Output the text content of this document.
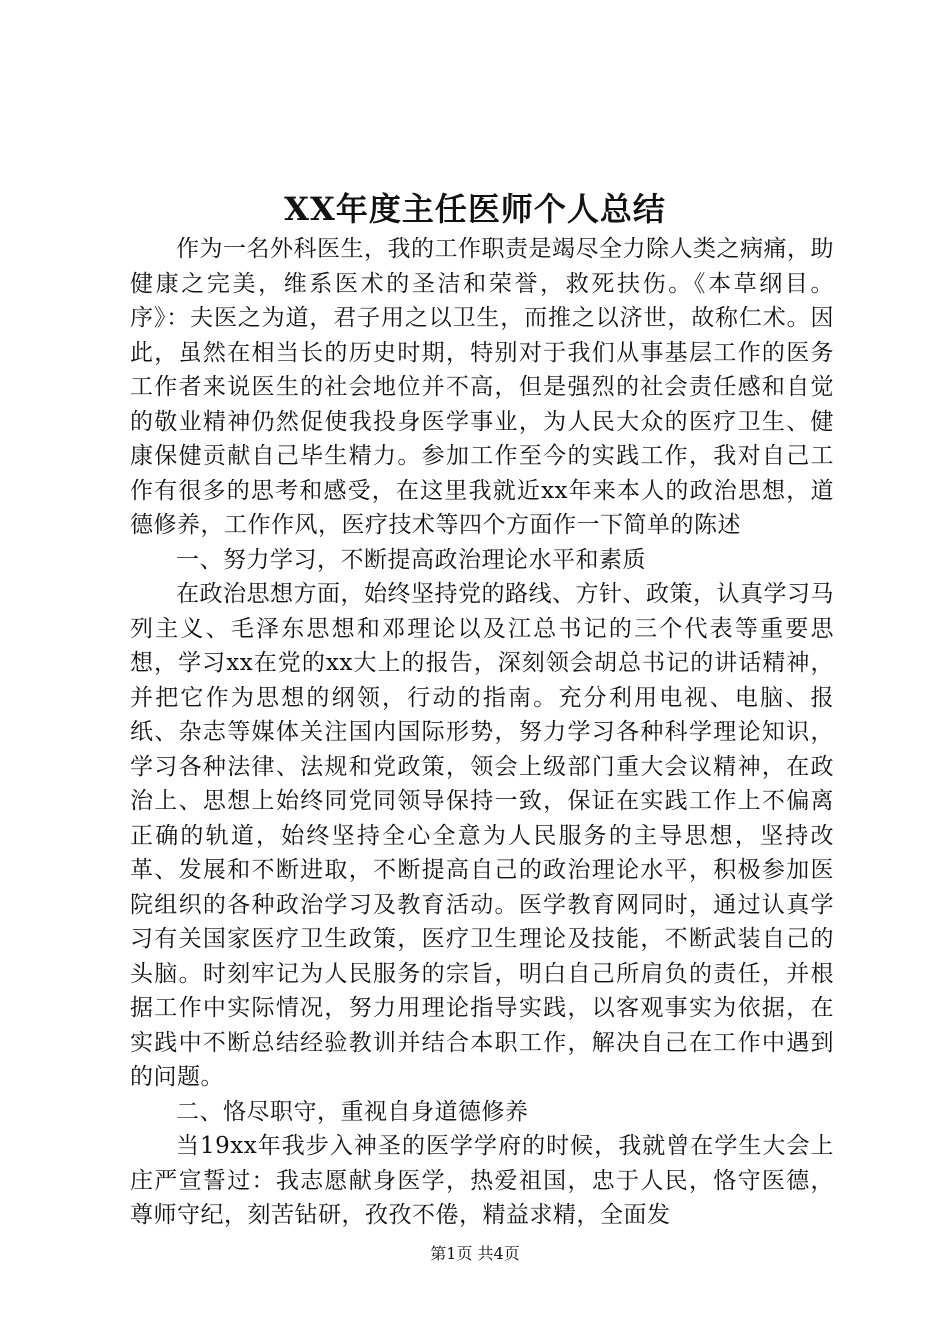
XX年度主任医师个人总结

作为一名外科医生，我的工作职责是竭尽全力除人类之病痛，助健康之完美，维系医术的圣洁和荣誉，救死扶伤。《本草纲目。序》：夫医之为道，君子用之以卫生，而推之以济世，故称仁术。因此，虽然在相当长的历史时期，特别对于我们从事基层工作的医务工作者来说医生的社会地位并不高，但是强烈的社会责任感和自觉的敬业精神仍然促使我投身医学事业，为人民大众的医疗卫生、健康保健贡献自己毕生精力。参加工作至今的实践工作，我对自己工作有很多的思考和感受，在这里我就近xx年来本人的政治思想，道德修养，工作作风，医疗技术等四个方面作一下简单的陈述

一、努力学习，不断提高政治理论水平和素质

在政治思想方面，始终坚持党的路线、方针、政策，认真学习马列主义、毛泽东思想和邓理论以及江总书记的三个代表等重要思想，学习xx在党的xx大上的报告，深刻领会胡总书记的讲话精神，并把它作为思想的纲领，行动的指南。充分利用电视、电脑、报纸、杂志等媒体关注国内国际形势，努力学习各种科学理论知识，学习各种法律、法规和党政策，领会上级部门重大会议精神，在政治上、思想上始终同党同领导保持一致，保证在实践工作上不偏离正确的轨道，始终坚持全心全意为人民服务的主导思想，坚持改革、发展和不断进取，不断提高自己的政治理论水平，积极参加医院组织的各种政治学习及教育活动。医学教育网同时，通过认真学习有关国家医疗卫生政策，医疗卫生理论及技能，不断武装自己的头脑。时刻牢记为人民服务的宗旨，明白自己所肩负的责任，并根据工作中实际情况，努力用理论指导实践，以客观事实为依据，在实践中不断总结经验教训并结合本职工作，解决自己在工作中遇到的问题。

二、恪尽职守，重视自身道德修养

当19xx年我步入神圣的医学学府的时候，我就曾在学生大会上庄严宣誓过：我志愿献身医学，热爱祖国，忠于人民，恪守医德，尊师守纪，刻苦钻研，孜孜不倦，精益求精，全面发

第1页 共4页
